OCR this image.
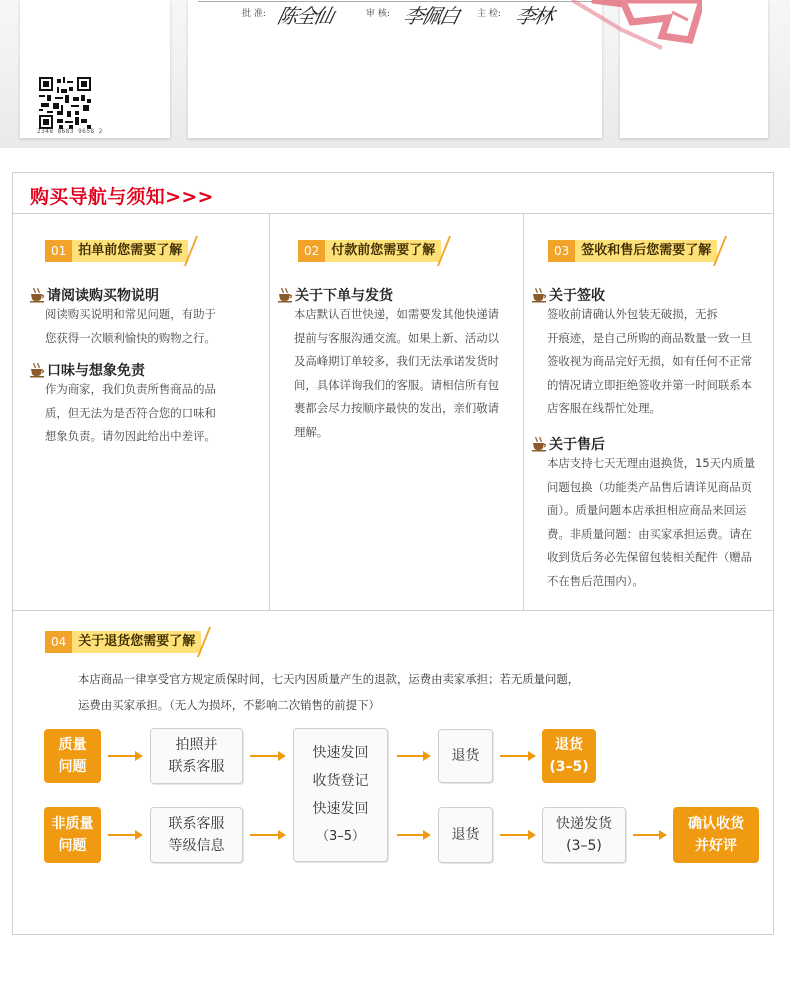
批 准: 陈全仙	审 核: 李佩白 主 检: 李林
2348 8683 9658 2
购买导航与须知>>>
01 拍单前您需要了解
请阅读购买物说明
阅读购买说明和常见问题，有助于
您获得一次顺利愉快的购物之行。
口味与想象免责
作为商家，我们负责所售商品的品
质，但无法为是否符合您的口味和
想象负责。请勿因此给出中差评。
02 付款前您需要了解
关于下单与发货
本店默认百世快递，如需要发其他快递请
提前与客服沟通交流。如果上新、活动以
及高峰期订单较多，我们无法承诺发货时
间，具体详询我们的客服。请相信所有包
裹都会尽力按顺序最快的发出，亲们敬请
理解。
03 签收和售后您需要了解
关于签收
签收前请确认外包装无破损，无拆
开痕迹，是自己所购的商品数量一致一旦
签收视为商品完好无损，如有任何不正常
的情况请立即拒绝签收并第一时间联系本
店客服在线帮忙处理。
关于售后
本店支持七天无理由退换货，15天内质量
问题包换（功能类产品售后请详见商品页
面）。质量问题本店承担相应商品来回运
费。非质量问题：由买家承担运费。请在
收到货后务必先保留包装相关配件（赠品
不在售后范围内）。
04 关于退货您需要了解
本店商品一律享受官方规定质保时间，七天内因质量产生的退款，运费由卖家承担；若无质量问题，
运费由买家承担。（无人为损坏，不影响二次销售的前提下）
质量
问题
拍照并
联系客服
快速发回
收货登记
快速发回
（3–5）
退货
退货
(3–5)
非质量
问题
联系客服
等级信息
退货
快递发货
(3–5)
确认收货
并好评
